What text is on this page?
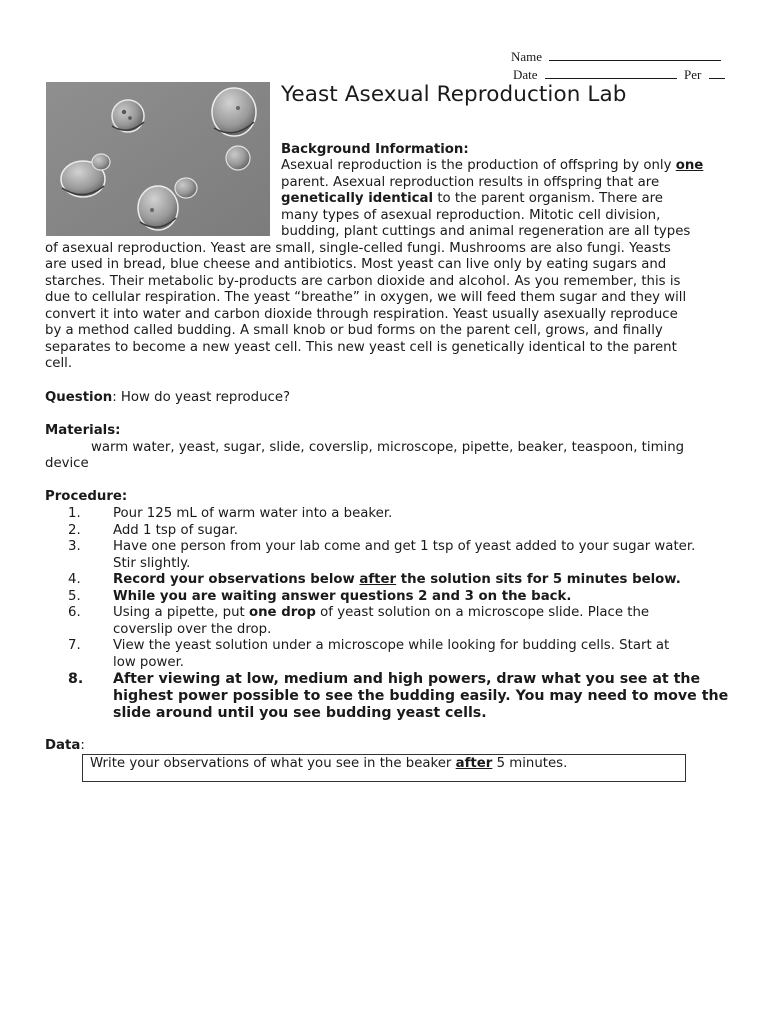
Name
Date	Per
Yeast Asexual Reproduction Lab
Background Information:
Asexual reproduction is the production of offspring by only one
parent. Asexual reproduction results in offspring that are
genetically identical to the parent organism. There are
many types of asexual reproduction. Mitotic cell division,
budding, plant cuttings and animal regeneration are all types
of asexual reproduction. Yeast are small, single-celled fungi. Mushrooms are also fungi. Yeasts
are used in bread, blue cheese and antibiotics. Most yeast can live only by eating sugars and
starches. Their metabolic by-products are carbon dioxide and alcohol. As you remember, this is
due to cellular respiration. The yeast “breathe” in oxygen, we will feed them sugar and they will
convert it into water and carbon dioxide through respiration. Yeast usually asexually reproduce
by a method called budding. A small knob or bud forms on the parent cell, grows, and finally
separates to become a new yeast cell. This new yeast cell is genetically identical to the parent
cell.
Question: How do yeast reproduce?
Materials:
warm water, yeast, sugar, slide, coverslip, microscope, pipette, beaker, teaspoon, timing
device
Procedure:
1. Pour 125 mL of warm water into a beaker.
2. Add 1 tsp of sugar.
3. Have one person from your lab come and get 1 tsp of yeast added to your sugar water.
Stir slightly.
4. Record your observations below after the solution sits for 5 minutes below.
5. While you are waiting answer questions 2 and 3 on the back.
6. Using a pipette, put one drop of yeast solution on a microscope slide. Place the
coverslip over the drop.
7. View the yeast solution under a microscope while looking for budding cells. Start at
low power.
8. After viewing at low, medium and high powers, draw what you see at the
highest power possible to see the budding easily. You may need to move the
slide around until you see budding yeast cells.
Data:
Write your observations of what you see in the beaker after 5 minutes.
